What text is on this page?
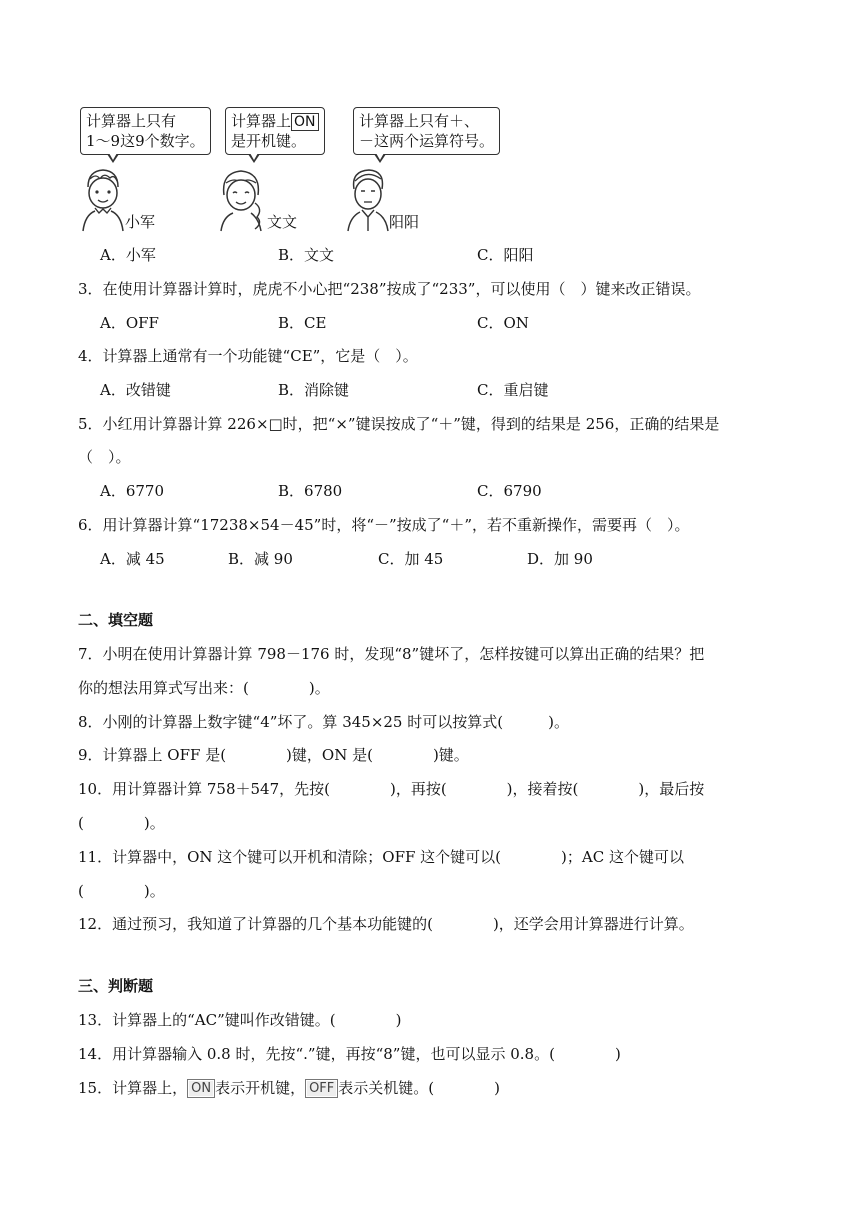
计算器上只有
1～9这9个数字。
计算器上 ON
是开机键。
计算器上只有＋、
－这两个运算符号。
小军	文文	阳阳
A．小军	B．文文	C．阳阳
3．在使用计算器计算时，虎虎不小心把“238”按成了“233”，可以使用（　）键来改正错误。
A．OFF	B．CE	C．ON
4．计算器上通常有一个功能键“CE”，它是（　）。
A．改错键	B．消除键	C．重启键
5．小红用计算器计算 226×□时，把“×”键误按成了“＋”键，得到的结果是 256，正确的结果是
（　）。
A．6770	B．6780	C．6790
6．用计算器计算“17238×54－45”时，将“－”按成了“＋”，若不重新操作，需要再（　）。
A．减 45	B．减 90	C．加 45	D．加 90
二、填空题
7．小明在使用计算器计算 798－176 时，发现“8”键坏了，怎样按键可以算出正确的结果？把
你的想法用算式写出来：(　　　　)。
8．小刚的计算器上数字键“4”坏了。算 345×25 时可以按算式(　　　)。
9．计算器上 OFF 是(　　　　)键，ON 是(　　　　)键。
10．用计算器计算 758＋547，先按(　　　　)，再按(　　　　)，接着按(　　　　)，最后按
(　　　　)。
11．计算器中，ON 这个键可以开机和清除；OFF 这个键可以(　　　　)；AC 这个键可以
(　　　　)。
12．通过预习，我知道了计算器的几个基本功能键的(　　　　)，还学会用计算器进行计算。
三、判断题
13．计算器上的“AC”键叫作改错键。(　　　　)
14．用计算器输入 0.8 时，先按“.”键，再按“8”键，也可以显示 0.8。(　　　　)
15．计算器上， ON 表示开机键， OFF 表示关机键。(　　　　)
